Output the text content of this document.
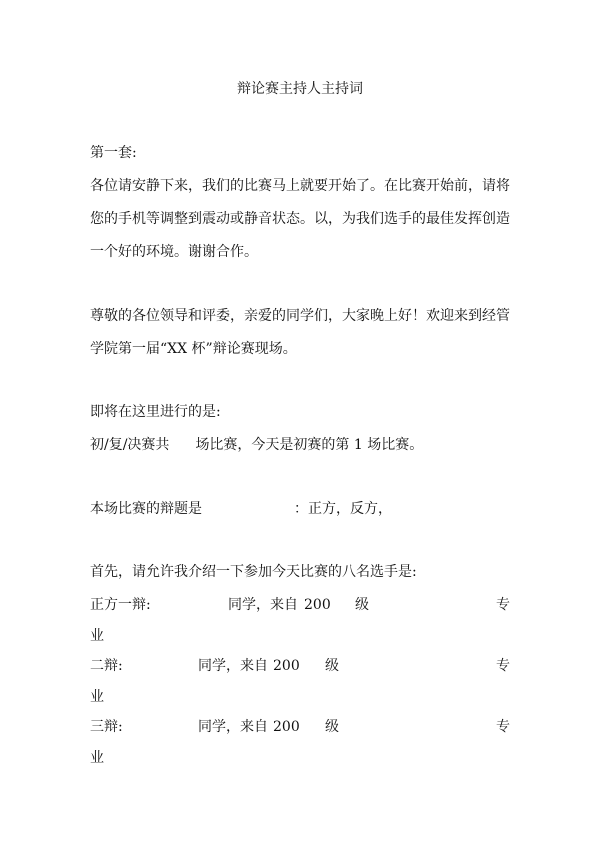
辩论赛主持人主持词
第一套:
各位请安静下来，我们的比赛马上就要开始了。在比赛开始前，请将
您的手机等调整到震动或静音状态。以，为我们选手的最佳发挥创造
一个好的环境。谢谢合作。
尊敬的各位领导和评委，亲爱的同学们，大家晚上好！欢迎来到经管
学院第一届“XX 杯”辩论赛现场。
即将在这里进行的是:
初/复/决赛共 场比赛，今天是初赛的第 1 场比赛。
本场比赛的辩题是	：正方，反方，
首先，请允许我介绍一下参加今天比赛的八名选手是:
正方一辩:	同学，来自 200 级	专
业
二辩:	同学，来自 200 级	专
业
三辩:	同学，来自 200 级	专
业
